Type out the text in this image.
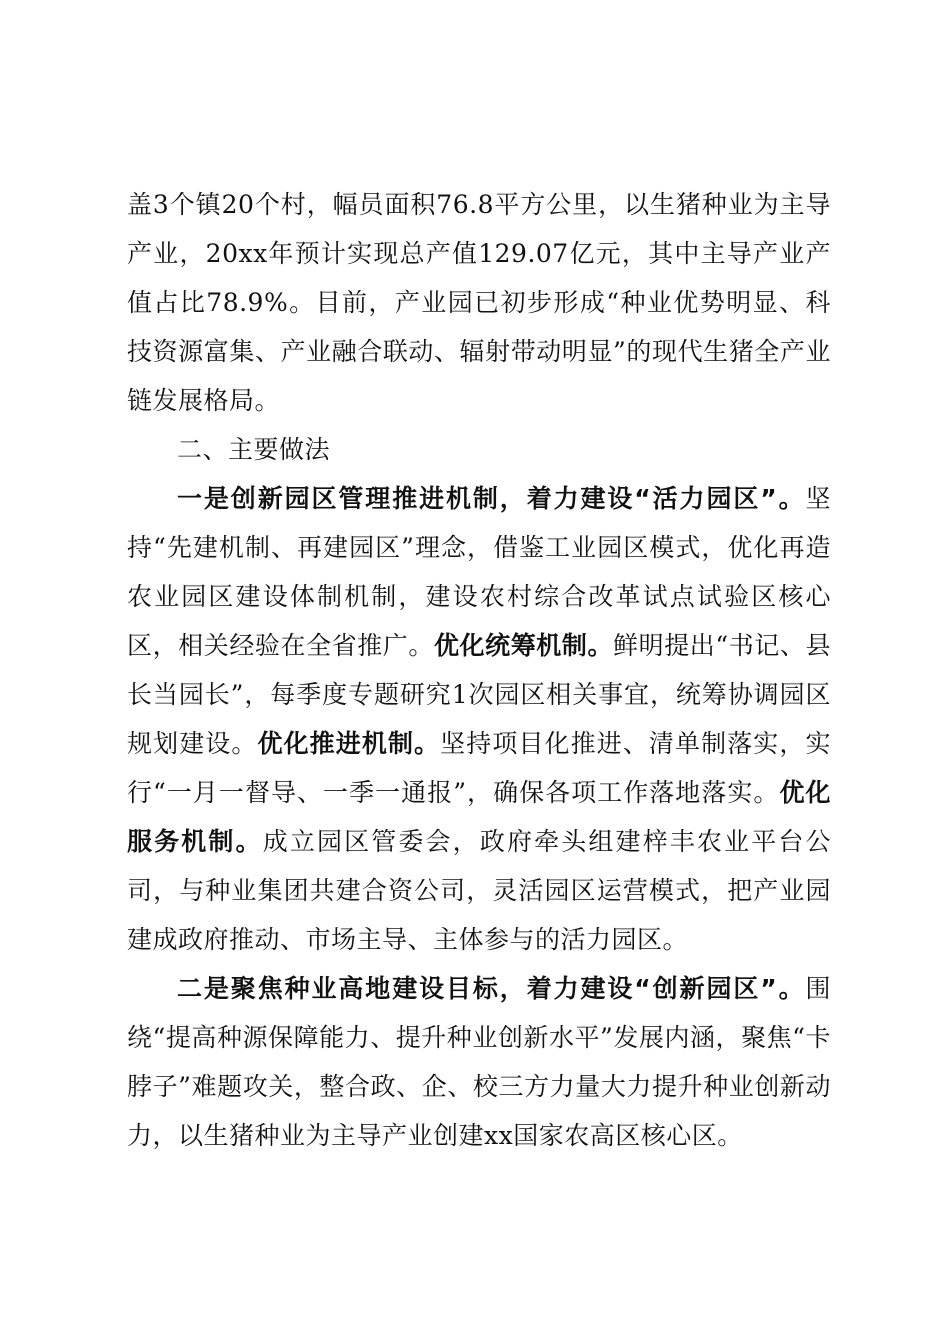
盖3个镇20个村，幅员面积76.8平方公里，以生猪种业为主导产业，20xx年预计实现总产值129.07亿元，其中主导产业产值占比78.9%。目前，产业园已初步形成“种业优势明显、科技资源富集、产业融合联动、辐射带动明显”的现代生猪全产业链发展格局。

二、主要做法

一是创新园区管理推进机制，着力建设“活力园区”。坚持“先建机制、再建园区”理念，借鉴工业园区模式，优化再造农业园区建设体制机制，建设农村综合改革试点试验区核心区，相关经验在全省推广。优化统筹机制。鲜明提出“书记、县长当园长”，每季度专题研究1次园区相关事宜，统筹协调园区规划建设。优化推进机制。坚持项目化推进、清单制落实，实行“一月一督导、一季一通报”，确保各项工作落地落实。优化服务机制。成立园区管委会，政府牵头组建梓丰农业平台公司，与种业集团共建合资公司，灵活园区运营模式，把产业园建成政府推动、市场主导、主体参与的活力园区。

二是聚焦种业高地建设目标，着力建设“创新园区”。围绕“提高种源保障能力、提升种业创新水平”发展内涵，聚焦“卡脖子”难题攻关，整合政、企、校三方力量大力提升种业创新动力，以生猪种业为主导产业创建xx国家农高区核心区。
